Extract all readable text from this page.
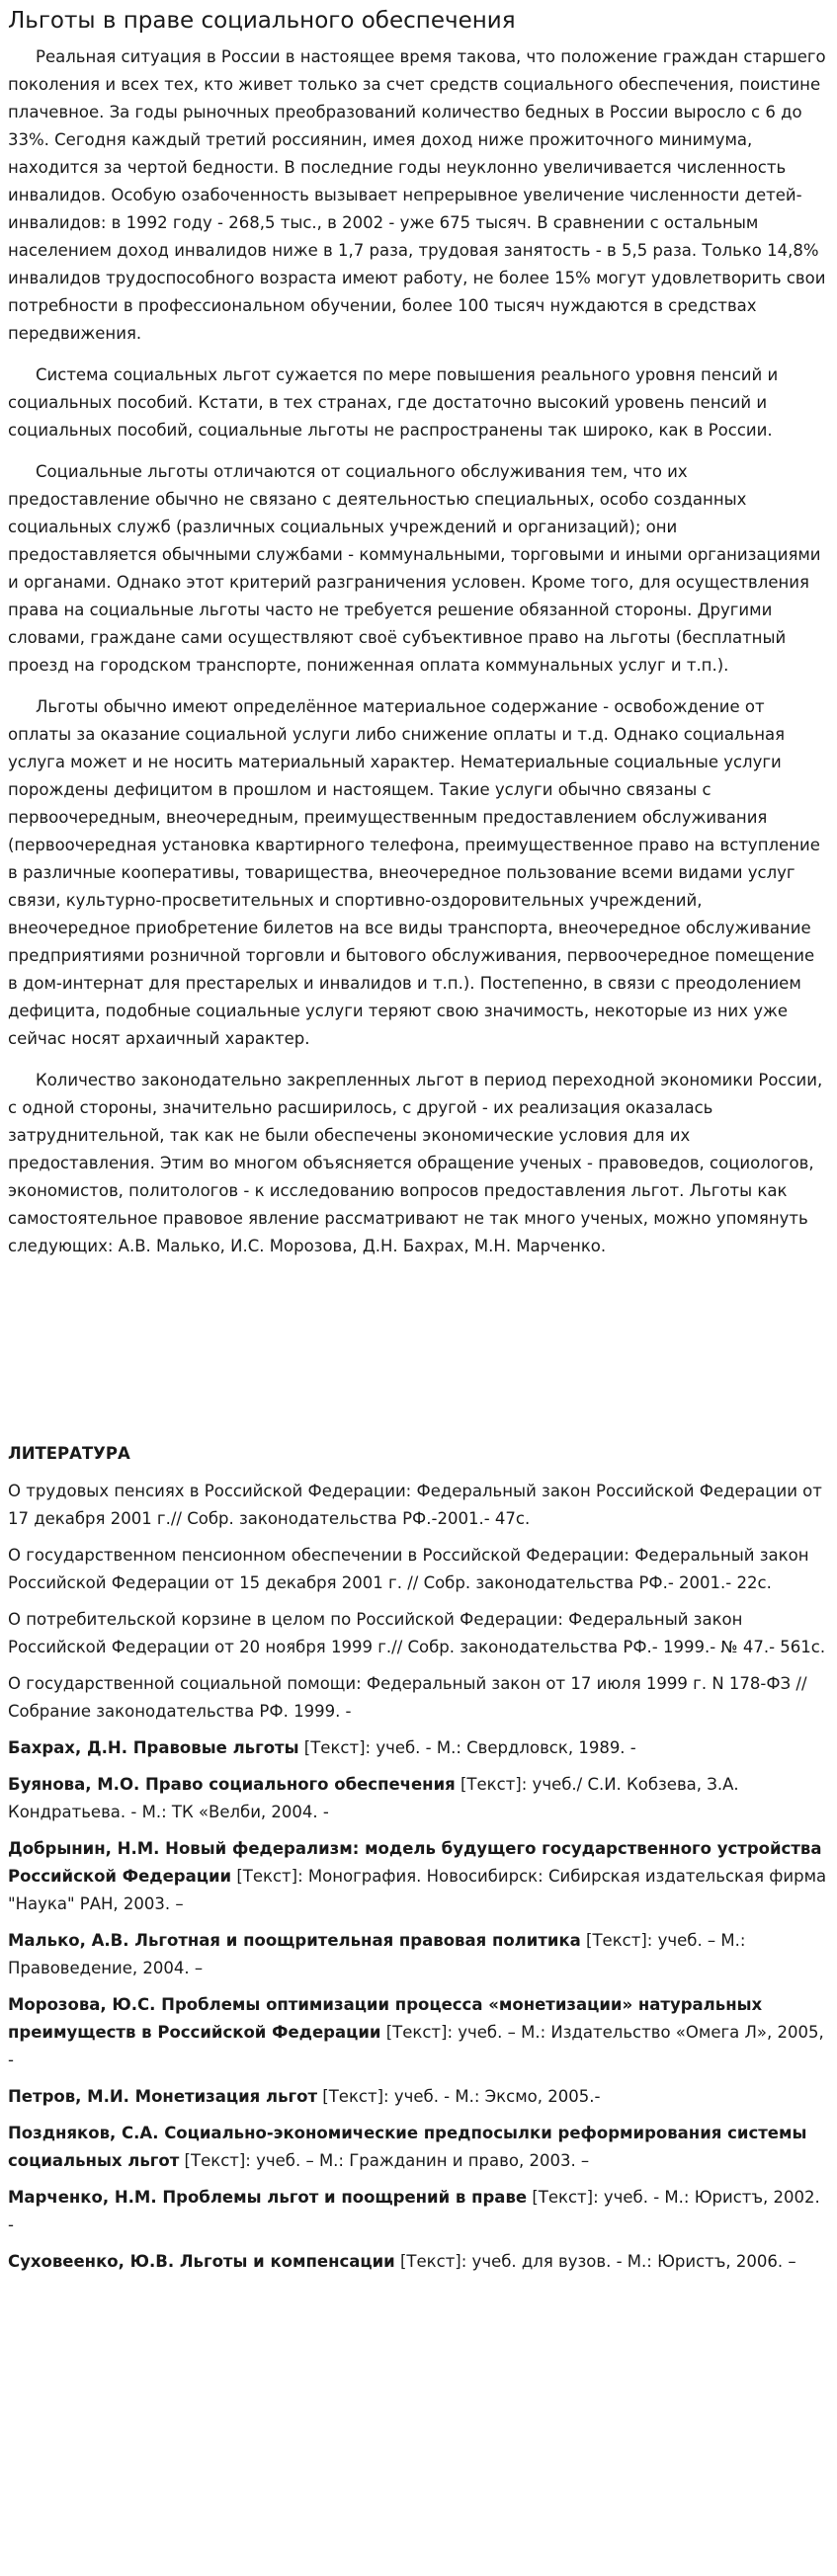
Льготы в праве социального обеспечения

Реальная ситуация в России в настоящее время такова, что положение граждан старшего поколения и всех тех, кто живет только за счет средств социального обеспечения, поистине плачевное. За годы рыночных преобразований количество бедных в России выросло с 6 до 33%. Сегодня каждый третий россиянин, имея доход ниже прожиточного минимума, находится за чертой бедности. В последние годы неуклонно увеличивается численность инвалидов. Особую озабоченность вызывает непрерывное увеличение численности детей-инвалидов: в 1992 году - 268,5 тыс., в 2002 - уже 675 тысяч. В сравнении с остальным населением доход инвалидов ниже в 1,7 раза, трудовая занятость - в 5,5 раза. Только 14,8% инвалидов трудоспособного возраста имеют работу, не более 15% могут удовлетворить свои потребности в профессиональном обучении, более 100 тысяч нуждаются в средствах передвижения.

Система социальных льгот сужается по мере повышения реального уровня пенсий и социальных пособий. Кстати, в тех странах, где достаточно высокий уровень пенсий и социальных пособий, социальные льготы не распространены так широко, как в России.

Социальные льготы отличаются от социального обслуживания тем, что их предоставление обычно не связано с деятельностью специальных, особо созданных социальных служб (различных социальных учреждений и организаций); они предоставляется обычными службами - коммунальными, торговыми и иными организациями и органами. Однако этот критерий разграничения условен. Кроме того, для осуществления права на социальные льготы часто не требуется решение обязанной стороны. Другими словами, граждане сами осуществляют своё субъективное право на льготы (бесплатный проезд на городском транспорте, пониженная оплата коммунальных услуг и т.п.).

Льготы обычно имеют определённое материальное содержание - освобождение от оплаты за оказание социальной услуги либо снижение оплаты и т.д. Однако социальная услуга может и не носить материальный характер. Нематериальные социальные услуги порождены дефицитом в прошлом и настоящем. Такие услуги обычно связаны с первоочередным, внеочередным, преимущественным предоставлением обслуживания (первоочередная установка квартирного телефона, преимущественное право на вступление в различные кооперативы, товарищества, внеочередное пользование всеми видами услуг связи, культурно-просветительных и спортивно-оздоровительных учреждений, внеочередное приобретение билетов на все виды транспорта, внеочередное обслуживание предприятиями розничной торговли и бытового обслуживания, первоочередное помещение в дом-интернат для престарелых и инвалидов и т.п.). Постепенно, в связи с преодолением дефицита, подобные социальные услуги теряют свою значимость, некоторые из них уже сейчас носят архаичный характер.

Количество законодательно закрепленных льгот в период переходной экономики России, с одной стороны, значительно расширилось, с другой - их реализация оказалась затруднительной, так как не были обеспечены экономические условия для их предоставления. Этим во многом объясняется обращение ученых - правоведов, социологов, экономистов, политологов - к исследованию вопросов предоставления льгот. Льготы как самостоятельное правовое явление рассматривают не так много ученых, можно упомянуть следующих: А.В. Малько, И.С. Морозова, Д.Н. Бахрах, М.Н. Марченко.

ЛИТЕРАТУРА

О трудовых пенсиях в Российской Федерации: Федеральный закон Российской Федерации от 17 декабря 2001 г.// Собр. законодательства РФ.-2001.- 47с.

О государственном пенсионном обеспечении в Российской Федерации: Федеральный закон Российской Федерации от 15 декабря 2001 г. // Собр. законодательства РФ.- 2001.- 22с.

О потребительской корзине в целом по Российской Федерации: Федеральный закон Российской Федерации от 20 ноября 1999 г.// Собр. законодательства РФ.- 1999.- № 47.- 561с.

О государственной социальной помощи: Федеральный закон от 17 июля 1999 г. N 178-ФЗ // Собрание законодательства РФ. 1999. -

Бахрах, Д.Н. Правовые льготы [Текст]: учеб. - М.: Свердловск, 1989. -

Буянова, М.О. Право социального обеспечения [Текст]: учеб./ С.И. Кобзева, З.А. Кондратьева. - М.: ТК «Велби, 2004. -

Добрынин, Н.М. Новый федерализм: модель будущего государственного устройства Российской Федерации [Текст]: Монография. Новосибирск: Сибирская издательская фирма "Наука" РАН, 2003. –

Малько, А.В. Льготная и поощрительная правовая политика [Текст]: учеб. – М.: Правоведение, 2004. –

Морозова, Ю.С. Проблемы оптимизации процесса «монетизации» натуральных преимуществ в Российской Федерации [Текст]: учеб. – М.: Издательство «Омега Л», 2005, -

Петров, М.И. Монетизация льгот [Текст]: учеб. - М.: Эксмо, 2005.-

Поздняков, С.А. Социально-экономические предпосылки реформирования системы социальных льгот [Текст]: учеб. – М.: Гражданин и право, 2003. –

Марченко, Н.М. Проблемы льгот и поощрений в праве [Текст]: учеб. - М.: Юристъ, 2002. -

Суховеенко, Ю.В. Льготы и компенсации [Текст]: учеб. для вузов. - М.: Юристъ, 2006. –
